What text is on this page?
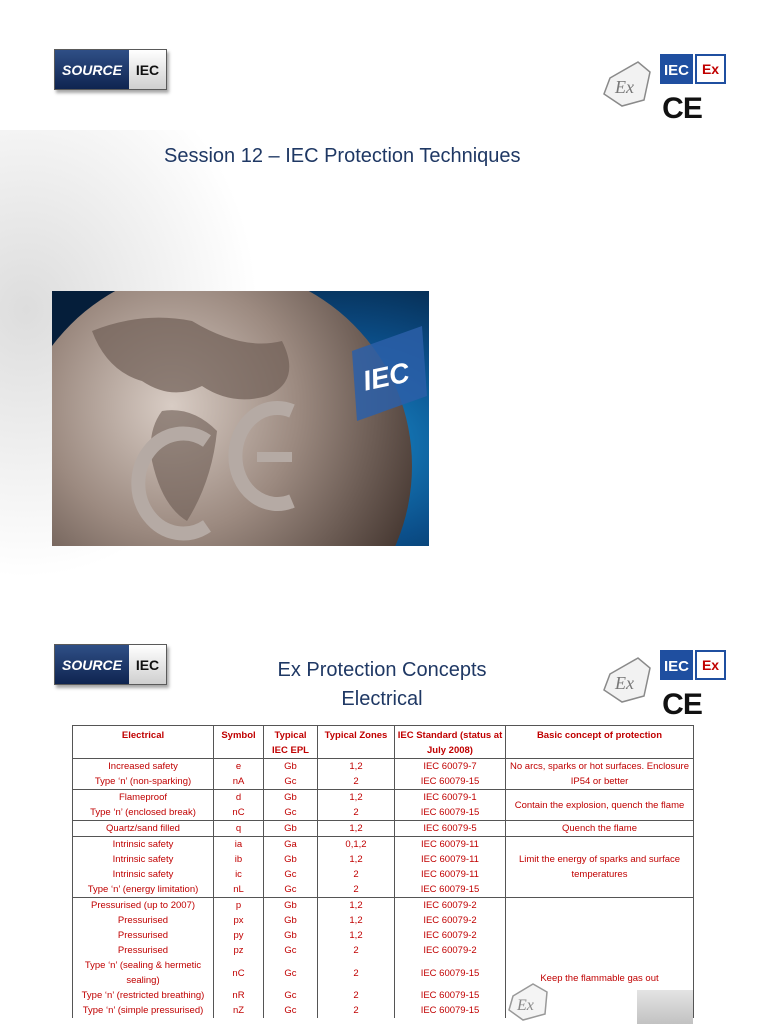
SOURCE IEC
Ex
IEC Ex
CE
Session 12 – IEC Protection Techniques
IEC
SOURCE IEC
Ex
IEC Ex
CE
Ex Protection Concepts
Electrical
Electrical	Symbol	Typical IEC EPL	Typical Zones	IEC Standard (status at July 2008)	Basic concept of protection
Increased safety	e	Gb	1,2	IEC 60079-7	No arcs, sparks or hot surfaces. Enclosure IP54 or better
Type ‘n’ (non-sparking)	nA	Gc	2	IEC 60079-15	
Flameproof	d	Gb	1,2	IEC 60079-1	Contain the explosion, quench the flame
Type ‘n’ (enclosed break)	nC	Gc	2	IEC 60079-15	
Quartz/sand filled	q	Gb	1,2	IEC 60079-5	Quench the flame
Intrinsic safety	ia	Ga	0,1,2	IEC 60079-11	Limit the energy of sparks and surface temperatures
Intrinsic safety	ib	Gb	1,2	IEC 60079-11	
Intrinsic safety	ic	Gc	2	IEC 60079-11	
Type ‘n’ (energy limitation)	nL	Gc	2	IEC 60079-15	
Pressurised (up to 2007)	p	Gb	1,2	IEC 60079-2	Keep the flammable gas out
Pressurised	px	Gb	1,2	IEC 60079-2	
Pressurised	py	Gb	1,2	IEC 60079-2	
Pressurised	pz	Gc	2	IEC 60079-2	
Type ‘n’ (sealing & hermetic sealing)	nC	Gc	2	IEC 60079-15	
Type ‘n’ (restricted breathing)	nR	Gc	2	IEC 60079-15	
Type ‘n’ (simple pressurised)	nZ	Gc	2	IEC 60079-15	Ex
